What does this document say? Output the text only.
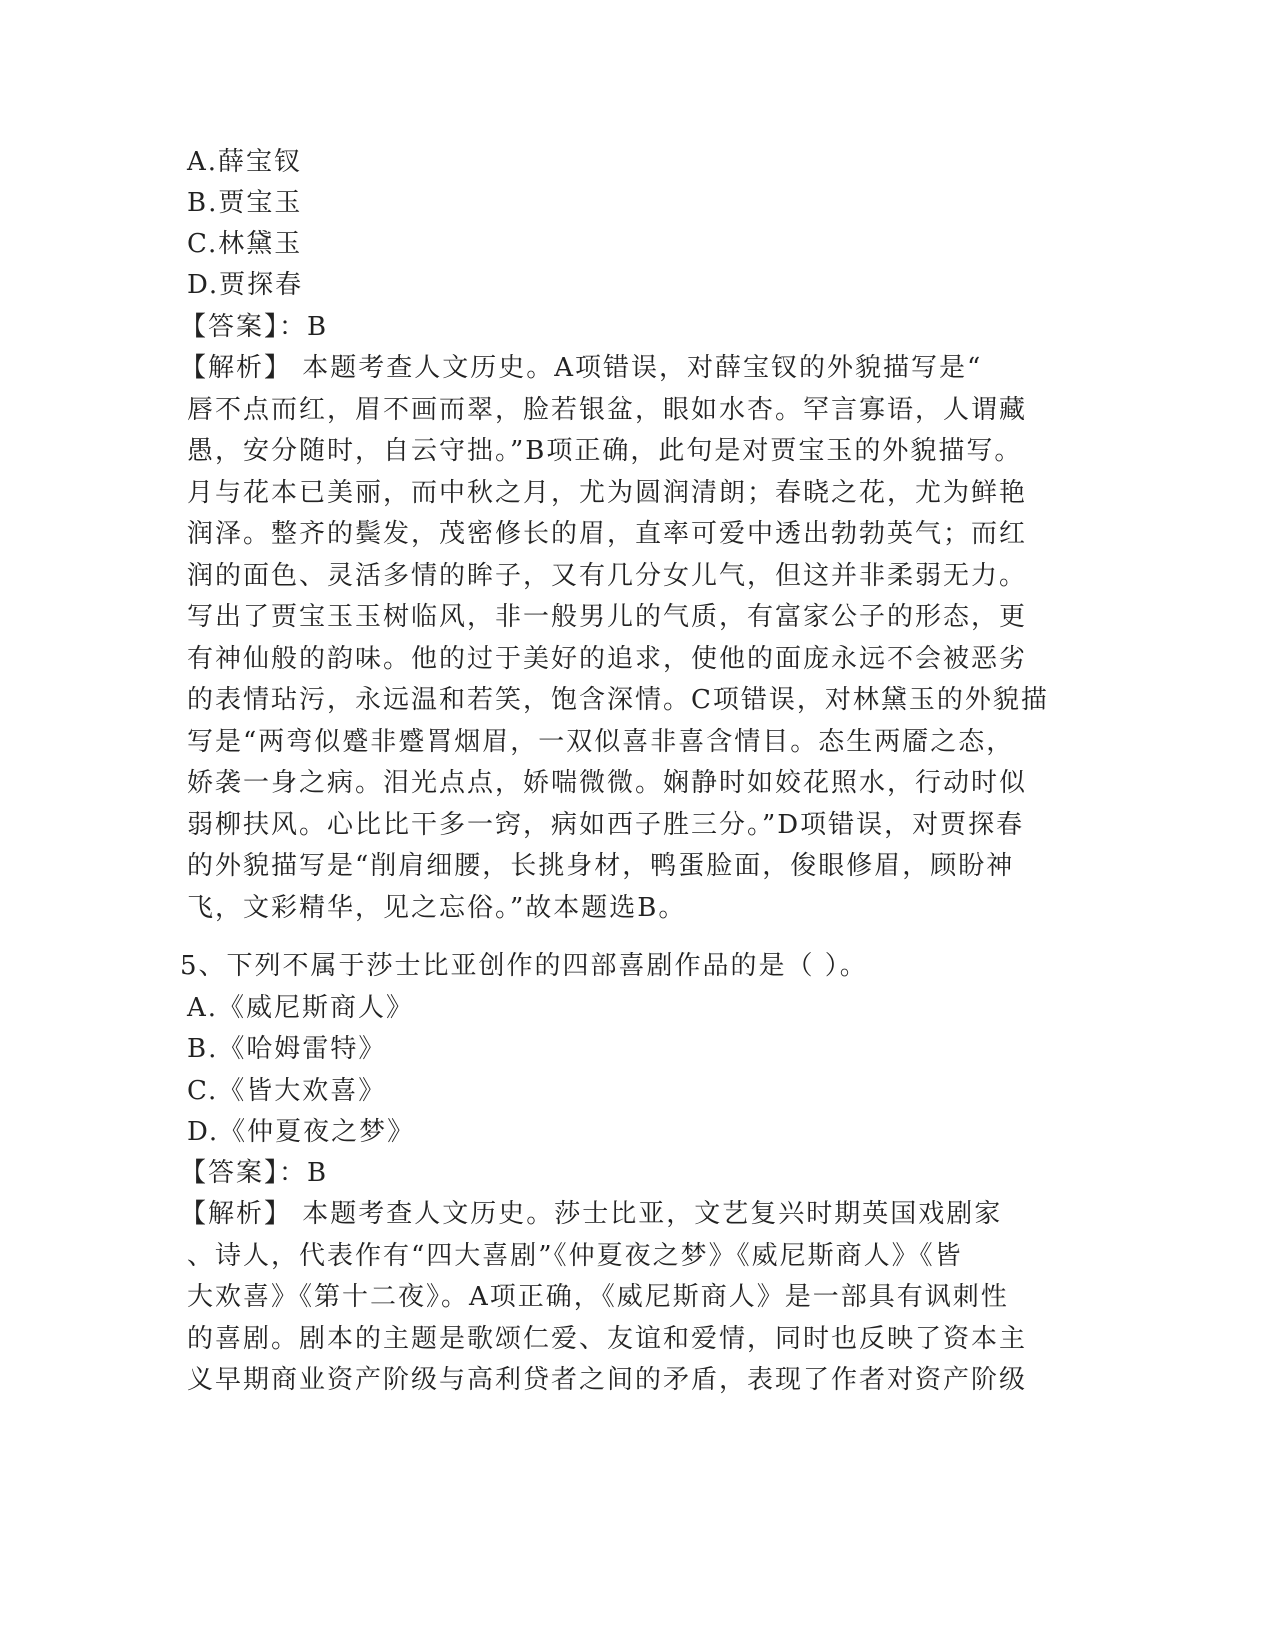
A.薛宝钗
B.贾宝玉
C.林黛玉
D.贾探春
【答案】：B
【解析】 本题考查人文历史。A项错误，对薛宝钗的外貌描写是“
唇不点而红，眉不画而翠，脸若银盆，眼如水杏。罕言寡语，人谓藏
愚，安分随时，自云守拙。”B项正确，此句是对贾宝玉的外貌描写。
月与花本已美丽，而中秋之月，尤为圆润清朗；春晓之花，尤为鲜艳
润泽。整齐的鬓发，茂密修长的眉，直率可爱中透出勃勃英气；而红
润的面色、灵活多情的眸子，又有几分女儿气，但这并非柔弱无力。
写出了贾宝玉玉树临风，非一般男儿的气质，有富家公子的形态，更
有神仙般的韵味。他的过于美好的追求，使他的面庞永远不会被恶劣
的表情玷污，永远温和若笑，饱含深情。C项错误，对林黛玉的外貌描
写是“两弯似蹙非蹙罥烟眉，一双似喜非喜含情目。态生两靥之态，
娇袭一身之病。泪光点点，娇喘微微。娴静时如姣花照水，行动时似
弱柳扶风。心比比干多一窍，病如西子胜三分。”D项错误，对贾探春
的外貌描写是“削肩细腰，长挑身材，鸭蛋脸面，俊眼修眉，顾盼神
飞，文彩精华，见之忘俗。”故本题选B。
5、下列不属于莎士比亚创作的四部喜剧作品的是（ ）。
A.《威尼斯商人》
B.《哈姆雷特》
C.《皆大欢喜》
D.《仲夏夜之梦》
【答案】：B
【解析】 本题考查人文历史。莎士比亚，文艺复兴时期英国戏剧家
、诗人，代表作有“四大喜剧”《仲夏夜之梦》《威尼斯商人》《皆
大欢喜》《第十二夜》。A项正确，《威尼斯商人》是一部具有讽刺性
的喜剧。剧本的主题是歌颂仁爱、友谊和爱情，同时也反映了资本主
义早期商业资产阶级与高利贷者之间的矛盾，表现了作者对资产阶级
